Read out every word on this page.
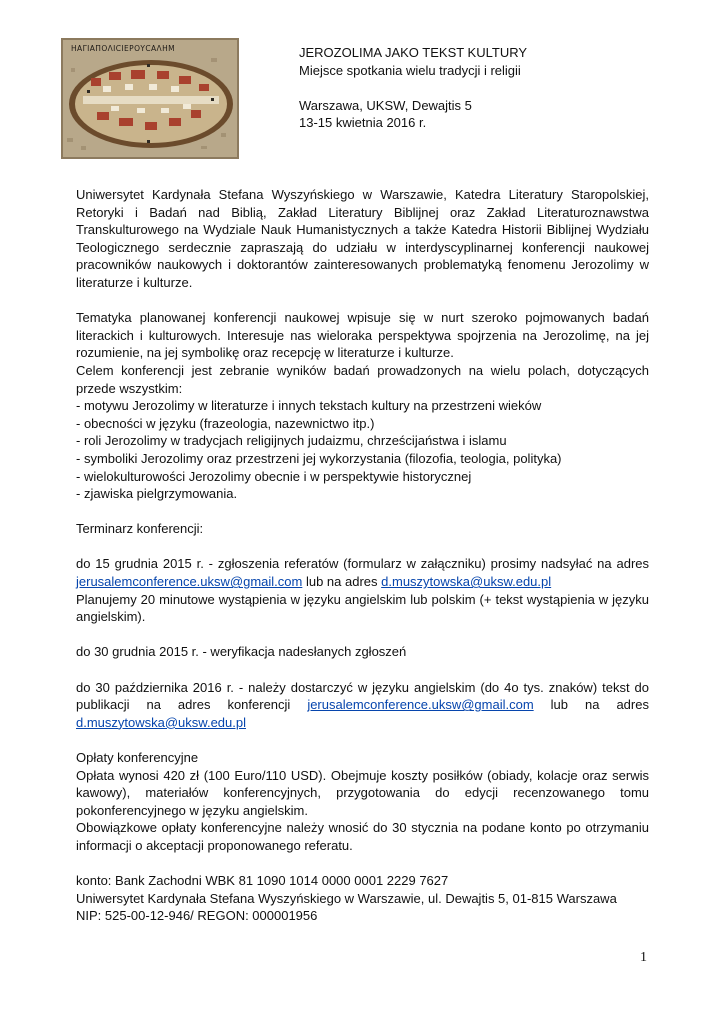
ΗΑΓΙΑΠΟΛΙCΙΕΡΟΥCΑΛΗΜ	JEROZOLIMA JAKO TEKST KULTURY
Miejsce spotkania wielu tradycji i religii
Warszawa, UKSW, Dewajtis 5
13-15 kwietnia 2016 r.

Uniwersytet Kardynała Stefana Wyszyńskiego w Warszawie, Katedra Literatury Staropolskiej, Retoryki i Badań nad Biblią, Zakład Literatury Biblijnej oraz Zakład Literaturoznawstwa Transkulturowego na Wydziale Nauk Humanistycznych a także Katedra Historii Biblijnej Wydziału Teologicznego serdecznie zapraszają do udziału w interdyscyplinarnej konferencji naukowej pracowników naukowych i doktorantów zainteresowanych problematyką fenomenu Jerozolimy w literaturze i kulturze.

Tematyka planowanej konferencji naukowej wpisuje się w nurt szeroko pojmowanych badań literackich i kulturowych. Interesuje nas wieloraka perspektywa spojrzenia na Jerozolimę, na jej rozumienie, na jej symbolikę oraz recepcję w literaturze i kulturze.

Celem konferencji jest zebranie wyników badań prowadzonych na wielu polach, dotyczących przede wszystkim:

- motywu Jerozolimy w literaturze i innych tekstach kultury na przestrzeni wieków

- obecności w języku (frazeologia, nazewnictwo itp.)

- roli Jerozolimy w tradycjach religijnych judaizmu, chrześcijaństwa i islamu

- symboliki Jerozolimy oraz przestrzeni jej wykorzystania (filozofia, teologia, polityka)

- wielokulturowości Jerozolimy obecnie i w perspektywie historycznej

- zjawiska pielgrzymowania.

Terminarz konferencji:

do 15 grudnia 2015 r. - zgłoszenia referatów (formularz w załączniku) prosimy nadsyłać na adres jerusalemconference.uksw@gmail.com lub na adres d.muszytowska@uksw.edu.pl

Planujemy 20 minutowe wystąpienia w języku angielskim lub polskim (+ tekst wystąpienia w języku angielskim).

do 30 grudnia 2015 r. - weryfikacja nadesłanych zgłoszeń

do 30 października 2016 r. - należy dostarczyć w języku angielskim (do 4o tys. znaków) tekst do publikacji na adres konferencji jerusalemconference.uksw@gmail.com lub na adres d.muszytowska@uksw.edu.pl

Opłaty konferencyjne

Opłata wynosi 420 zł (100 Euro/110 USD). Obejmuje koszty posiłków (obiady, kolacje oraz serwis kawowy), materiałów konferencyjnych, przygotowania do edycji recenzowanego tomu pokonferencyjnego w języku angielskim.

Obowiązkowe opłaty konferencyjne należy wnosić do 30 stycznia na podane konto po otrzymaniu informacji o akceptacji proponowanego referatu.

konto: Bank Zachodni WBK 81 1090 1014 0000 0001 2229 7627

Uniwersytet Kardynała Stefana Wyszyńskiego w Warszawie, ul. Dewajtis 5, 01-815 Warszawa

NIP: 525-00-12-946/ REGON: 000001956

1
